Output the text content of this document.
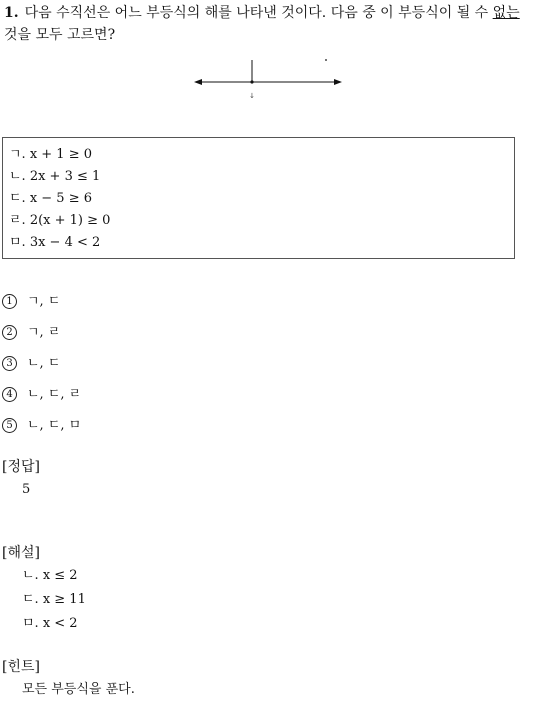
1. 다음 수직선은 어느 부등식의 해를 나타낸 것이다. 다음 중 이 부등식이 될 수 없는 것을 모두 고르면?
↓
ㄱ. x + 1 ≥ 0
ㄴ. 2x + 3 ≤ 1
ㄷ. x − 5 ≥ 6
ㄹ. 2(x + 1) ≥ 0
ㅁ. 3x − 4 < 2
1 ㄱ, ㄷ
2 ㄱ, ㄹ
3 ㄴ, ㄷ
4 ㄴ, ㄷ, ㄹ
5 ㄴ, ㄷ, ㅁ
[정답]
5
[해설]
ㄴ. x ≤ 2
ㄷ. x ≥ 11
ㅁ. x < 2
[힌트]
모든 부등식을 푼다.
